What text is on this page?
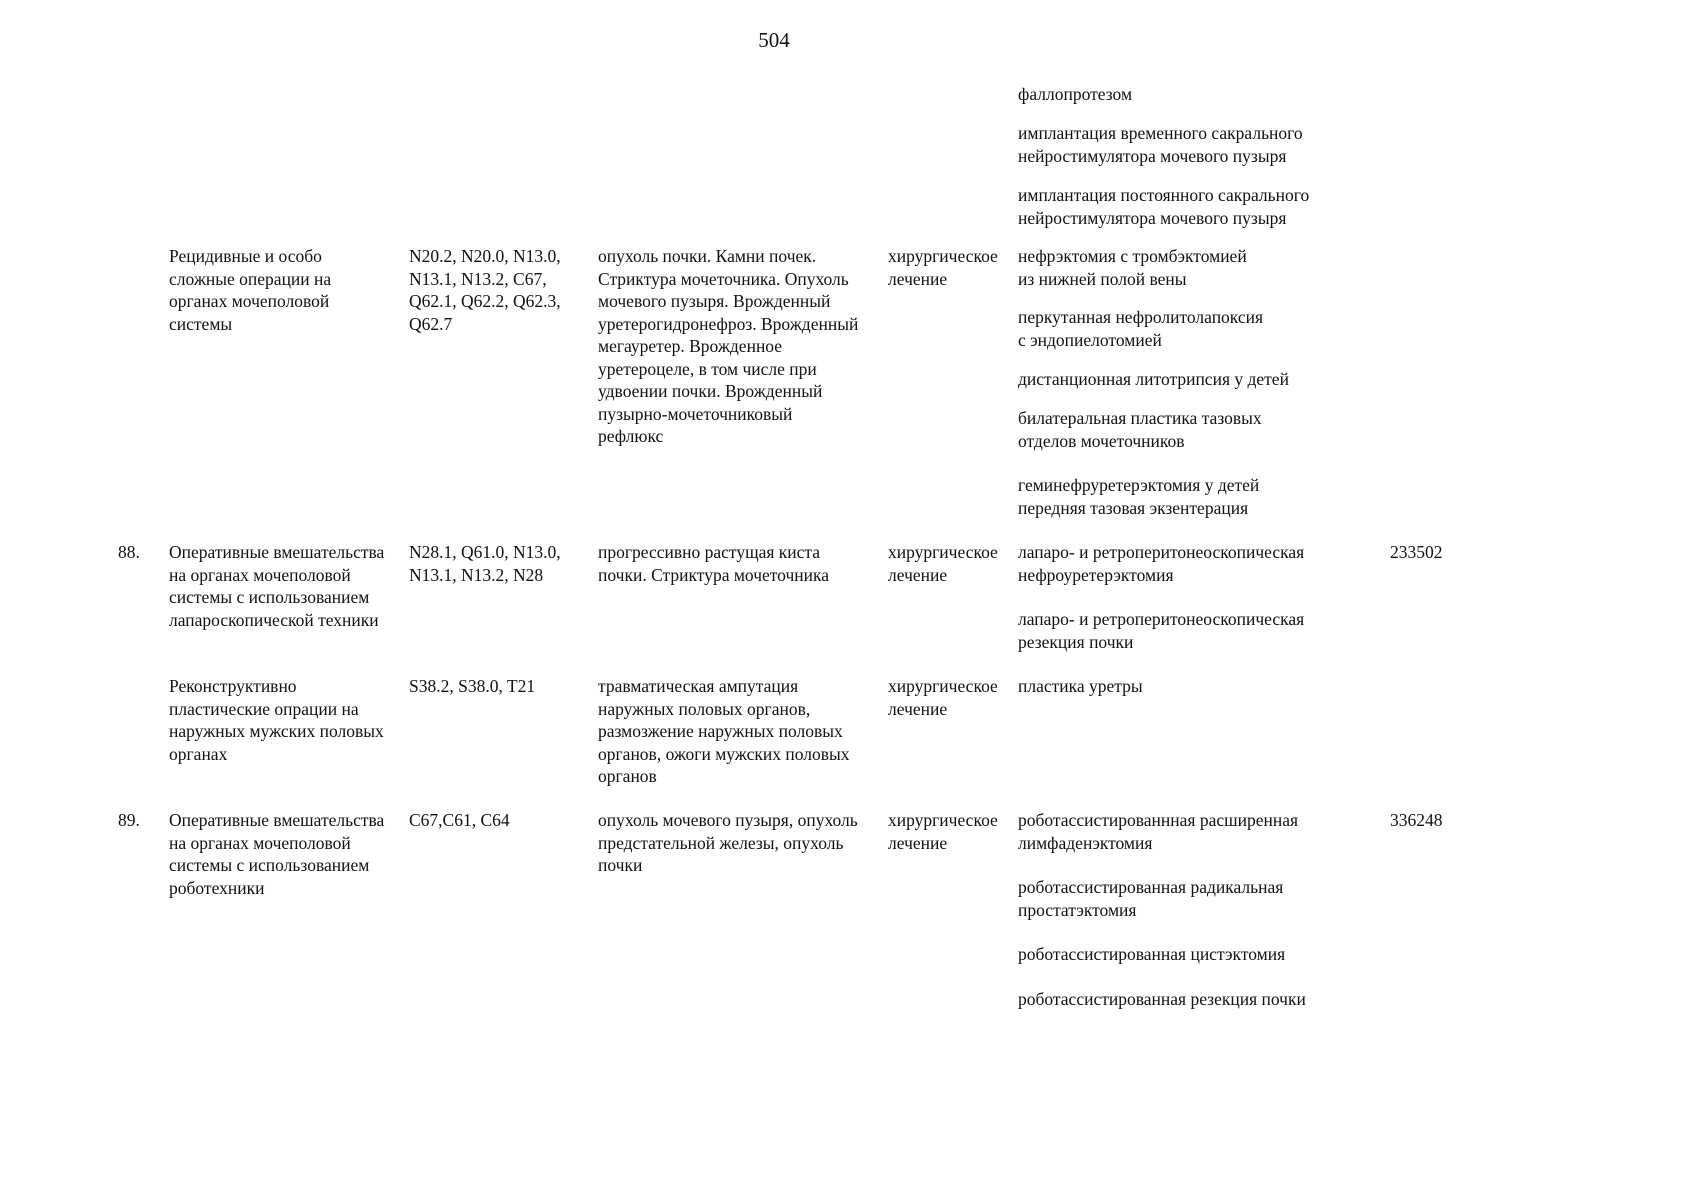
504
фаллопротезом
имплантация временного сакрального
нейростимулятора мочевого пузыря
имплантация постоянного сакрального
нейростимулятора мочевого пузыря
Рецидивные и особо
сложные операции на
органах мочеполовой
системы
N20.2, N20.0, N13.0,
N13.1, N13.2, C67,
Q62.1, Q62.2, Q62.3,
Q62.7
опухоль почки. Камни почек.
Стриктура мочеточника. Опухоль
мочевого пузыря. Врожденный
уретерогидронефроз. Врожденный
мегауретер. Врожденное
уретероцеле, в том числе при
удвоении почки. Врожденный
пузырно-мочеточниковый
рефлюкс
хирургическое
лечение
нефрэктомия с тромбэктомией
из нижней полой вены
перкутанная нефролитолапоксия
с эндопиелотомией
дистанционная литотрипсия у детей
билатеральная пластика тазовых
отделов мочеточников
геминефруретерэктомия у детей
передняя тазовая экзентерация
88. Оперативные вмешательства
на органах мочеполовой
системы с использованием
лапароскопической техники
N28.1, Q61.0, N13.0,
N13.1, N13.2, N28
прогрессивно растущая киста
почки. Стриктура мочеточника
хирургическое
лечение
лапаро- и ретроперитонеоскопическая
нефроуретерэктомия
лапаро- и ретроперитонеоскопическая
резекция почки
233502
Реконструктивно
пластические опрации на
наружных мужских половых
органах
S38.2, S38.0, T21	травматическая ампутация
наружных половых органов,
размозжение наружных половых
органов, ожоги мужских половых
органов
хирургическое
лечение
пластика уретры
89. Оперативные вмешательства
на органах мочеполовой
системы с использованием
роботехники
C67,C61, C64	опухоль мочевого пузыря, опухоль
предстательной железы, опухоль
почки
хирургическое
лечение
роботассистированнная расширенная
лимфаденэктомия
роботассистированная радикальная
простатэктомия
роботассистированная цистэктомия
роботассистированная резекция почки
336248
